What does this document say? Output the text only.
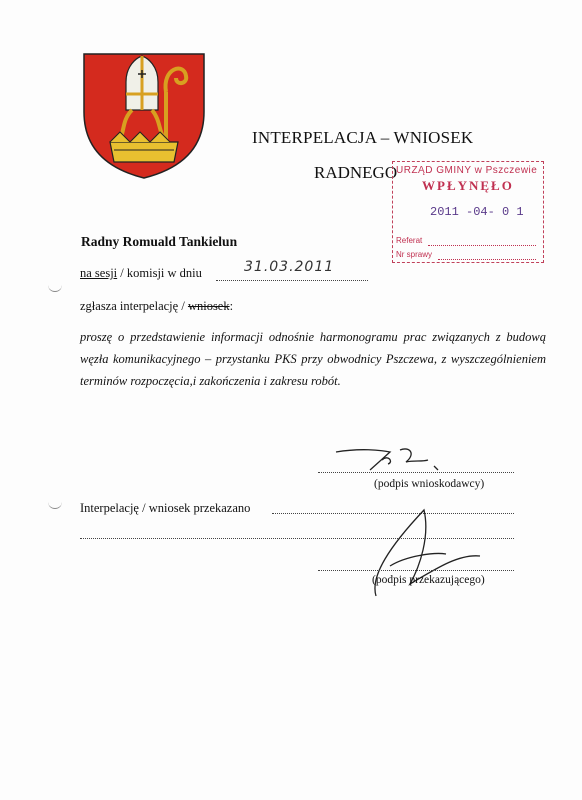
INTERPELACJA – WNIOSEK
RADNEGO
URZĄD GMINY w Pszczewie
WPŁYNĘŁO
2011 -04- 0 1
Referat
Nr sprawy
Radny Romuald Tankielun
na sesji / komisji w dniu	31.03.2011
zgłasza interpelację / wniosek:
proszę o przedstawienie informacji odnośnie harmonogramu prac związanych z budową węzła komunikacyjnego – przystanku PKS przy obwodnicy Pszczewa, z wyszczególnieniem terminów rozpoczęcia,i zakończenia i zakresu robót.
(podpis wnioskodawcy)
Interpelację / wniosek przekazano
(podpis przekazującego)
